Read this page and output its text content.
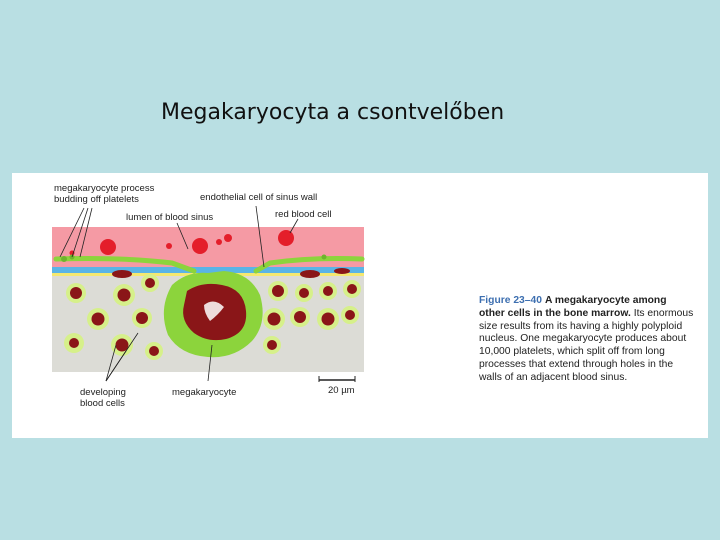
Megakaryocyta a csontvelőben
megakaryocyte process
budding off platelets	endothelial cell of sinus wall
lumen of blood sinus	red blood cell
developing
blood cells
megakaryocyte	20 µm
Figure 23–40 A megakaryocyte among other cells in the bone marrow. Its enormous size results from its having a highly polyploid nucleus. One megakaryocyte produces about 10,000 platelets, which split off from long processes that extend through holes in the walls of an adjacent blood sinus.
